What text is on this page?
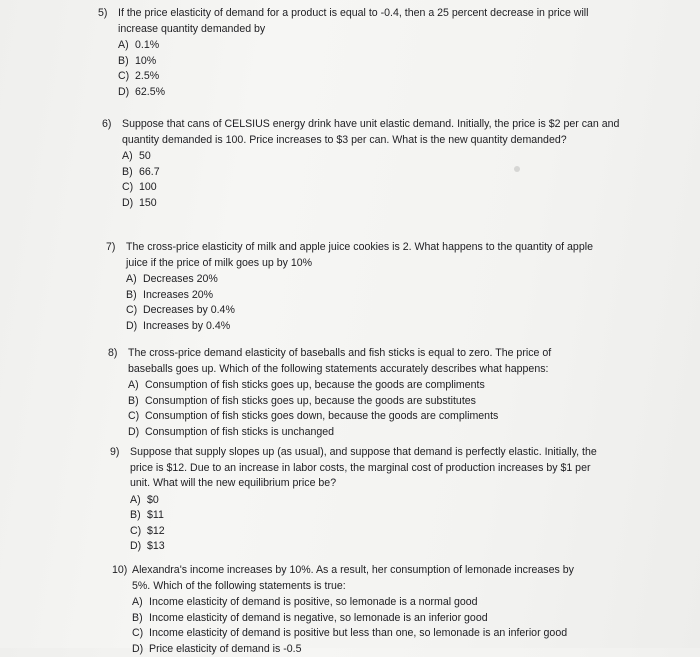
5) If the price elasticity of demand for a product is equal to -0.4, then a 25 percent decrease in price will increase quantity demanded by
A) 0.1%
B) 10%
C) 2.5%
D) 62.5%
6) Suppose that cans of CELSIUS energy drink have unit elastic demand. Initially, the price is $2 per can and quantity demanded is 100. Price increases to $3 per can. What is the new quantity demanded?
A) 50
B) 66.7
C) 100
D) 150
7) The cross-price elasticity of milk and apple juice cookies is 2. What happens to the quantity of apple juice if the price of milk goes up by 10%
A) Decreases 20%
B) Increases 20%
C) Decreases by 0.4%
D) Increases by 0.4%
8) The cross-price demand elasticity of baseballs and fish sticks is equal to zero. The price of baseballs goes up. Which of the following statements accurately describes what happens:
A) Consumption of fish sticks goes up, because the goods are compliments
B) Consumption of fish sticks goes up, because the goods are substitutes
C) Consumption of fish sticks goes down, because the goods are compliments
D) Consumption of fish sticks is unchanged
9) Suppose that supply slopes up (as usual), and suppose that demand is perfectly elastic. Initially, the price is $12. Due to an increase in labor costs, the marginal cost of production increases by $1 per unit. What will the new equilibrium price be?
A) $0
B) $11
C) $12
D) $13
10) Alexandra's income increases by 10%. As a result, her consumption of lemonade increases by 5%. Which of the following statements is true:
A) Income elasticity of demand is positive, so lemonade is a normal good
B) Income elasticity of demand is negative, so lemonade is an inferior good
C) Income elasticity of demand is positive but less than one, so lemonade is an inferior good
D) Price elasticity of demand is -0.5
